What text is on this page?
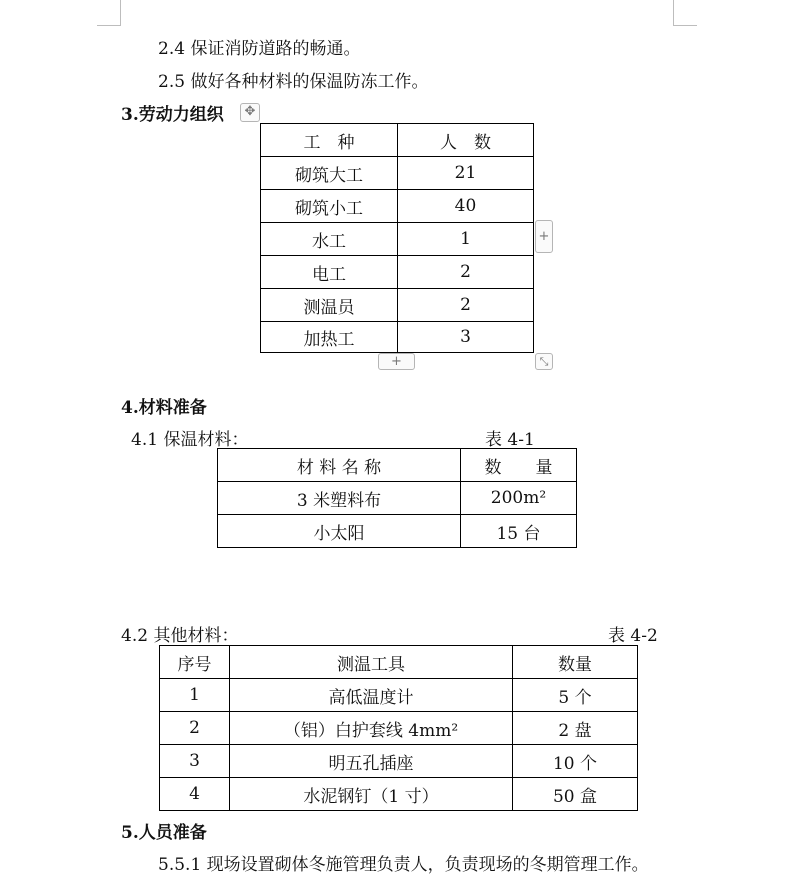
2.4 保证消防道路的畅通。
2.5 做好各种材料的保温防冻工作。
3.劳动力组织	✥
工　种	人　数
砌筑大工	21
砌筑小工	40
水工	1
电工	2
测温员	2
加热工	3
+
+	⤡
4.材料准备
4.1 保温材料：	表 4-1
材 料 名 称	数　　量
3 米塑料布	200m²
小太阳	15 台
4.2 其他材料：	表 4-2
序号	测温工具	数量
1	高低温度计	5 个
2	（铝）白护套线 4mm²	2 盘
3	明五孔插座	10 个
4	水泥钢钉（1 寸）	50 盒
5.人员准备
5.5.1 现场设置砌体冬施管理负责人，负责现场的冬期管理工作。
